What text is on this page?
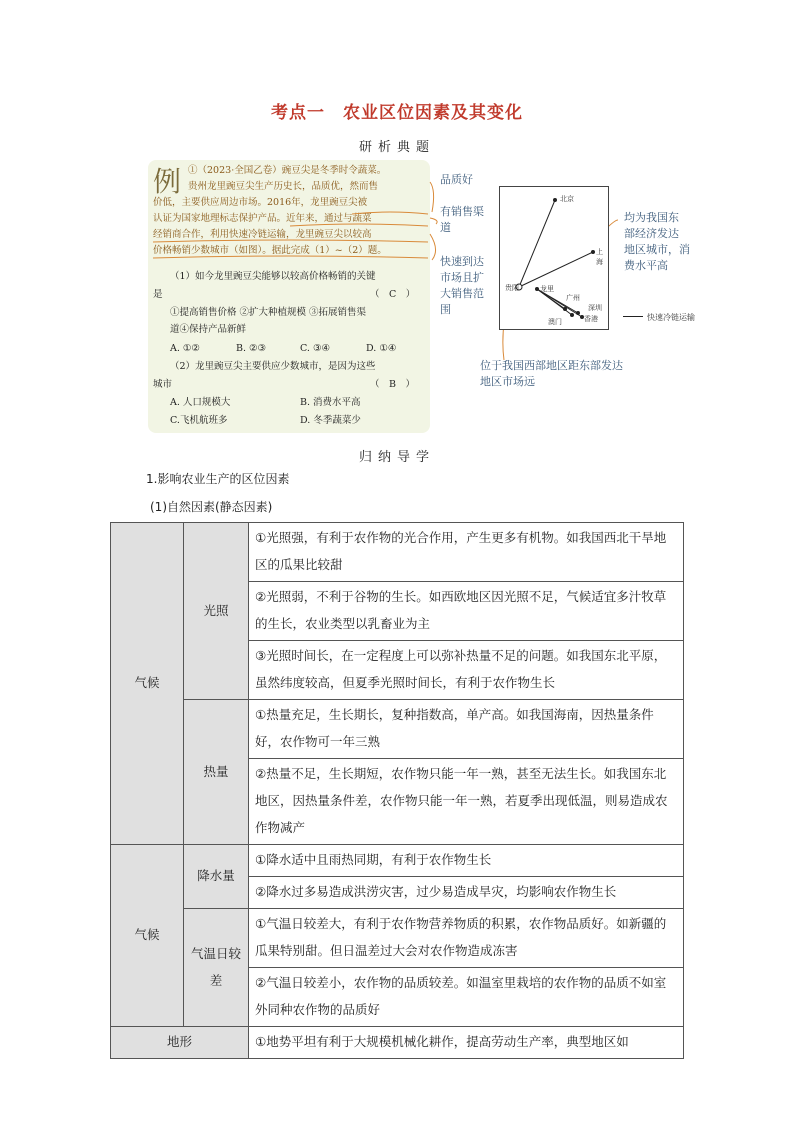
考点一　农业区位因素及其变化
研析典题
例 ①（2023·全国乙卷）豌豆尖是冬季时令蔬菜。
贵州龙里豌豆尖生产历史长，品质优，然而售
价低，主要供应周边市场。2016年，龙里豌豆尖被
认证为国家地理标志保护产品。近年来，通过与蔬菜
经销商合作，利用快速冷链运输，龙里豌豆尖以较高
价格畅销少数城市（如图）。据此完成（1）~（2）题。
（1）如今龙里豌豆尖能够以较高价格畅销的关键
是	（　C　）
①提高销售价格 ②扩大种植规模 ③拓展销售渠
道④保持产品新鲜
A. ①②	B. ②③	C. ③④	D. ①④
（2）龙里豌豆尖主要供应少数城市，是因为这些
城市	（　B　）
A. 人口规模大	B. 消费水平高
C.飞机航班多	D. 冬季蔬菜少
品质好
有销售渠
道
快速到达
市场且扩
大销售范
围
均为我国东
部经济发达
地区城市，消
费水平高
位于我国西部地区距东部发达
地区市场远
北京
上海
贵阳	龙里
广州
深圳
澳门	香港	快速冷链运输
归纳导学
1.影响农业生产的区位因素
(1)自然因素(静态因素)
气候	光照	①光照强，有利于农作物的光合作用，产生更多有机物。如我国西北干旱地区的瓜果比较甜
		②光照弱，不利于谷物的生长。如西欧地区因光照不足，气候适宜多汁牧草的生长，农业类型以乳畜业为主
		③光照时间长，在一定程度上可以弥补热量不足的问题。如我国东北平原，虽然纬度较高，但夏季光照时间长，有利于农作物生长
	热量	①热量充足，生长期长，复种指数高，单产高。如我国海南，因热量条件好，农作物可一年三熟
		②热量不足，生长期短，农作物只能一年一熟，甚至无法生长。如我国东北地区，因热量条件差，农作物只能一年一熟，若夏季出现低温，则易造成农作物减产
气候	降水量	①降水适中且雨热同期，有利于农作物生长
		②降水过多易造成洪涝灾害，过少易造成旱灾，均影响农作物生长
	气温日较差	①气温日较差大，有利于农作物营养物质的积累，农作物品质好。如新疆的瓜果特别甜。但日温差过大会对农作物造成冻害
		②气温日较差小，农作物的品质较差。如温室里栽培的农作物的品质不如室外同种农作物的品质好
地形		①地势平坦有利于大规模机械化耕作，提高劳动生产率，典型地区如
